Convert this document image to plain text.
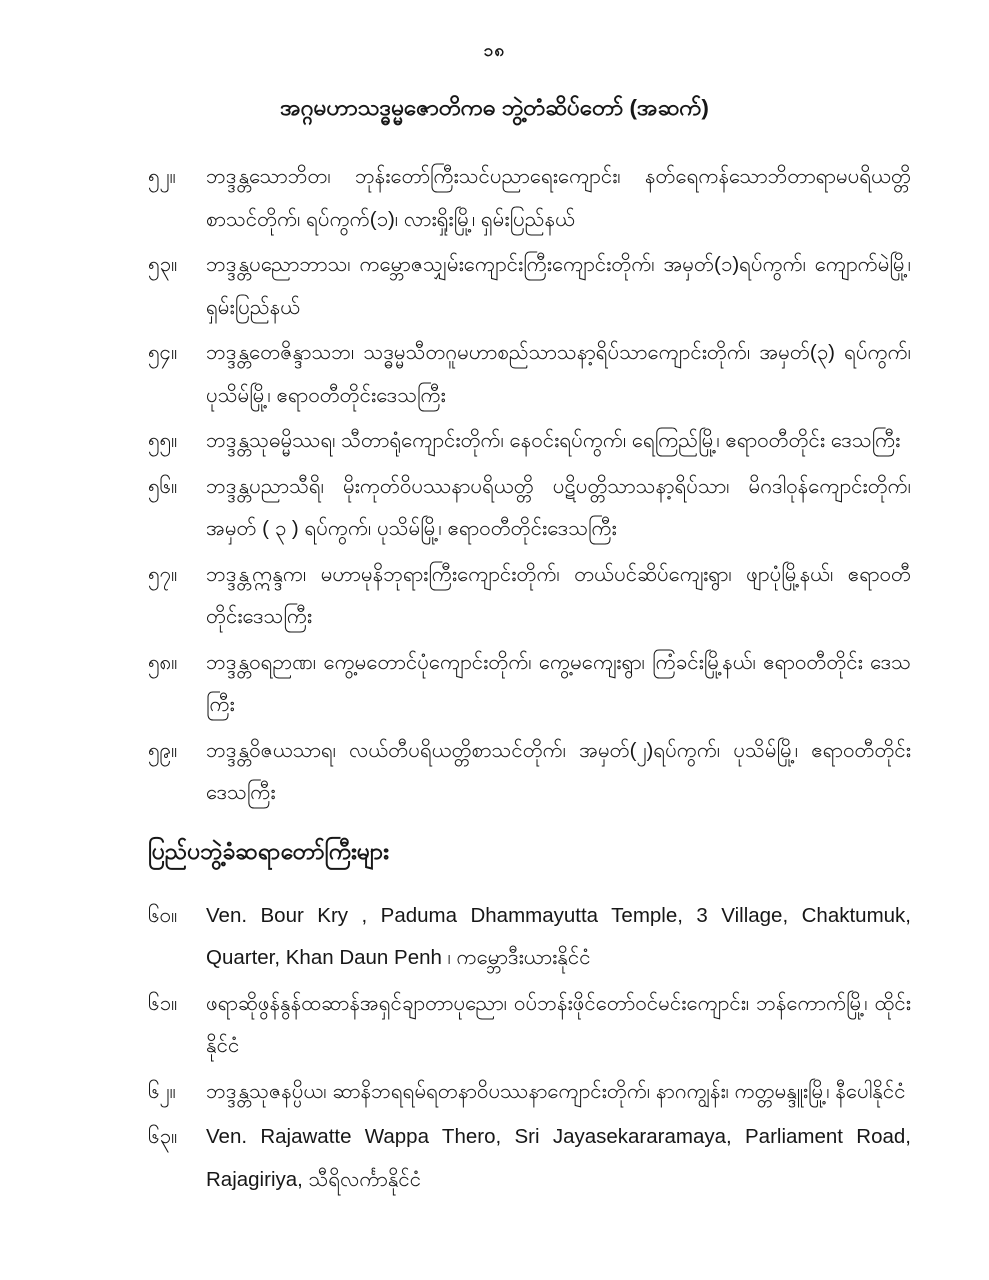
၁၈
အဂ္ဂမဟာသဒ္ဓမ္မဇောတိကဓ ဘွဲ့တံဆိပ်တော် (အဆက်)
၅၂။	ဘဒ္ဒန္တသောဘိတ၊ ဘုန်းတော်ကြီးသင်ပညာရေးကျောင်း၊ နတ်ရေကန်သောဘိတာရာမပရိယတ္တိ စာသင်တိုက်၊ ရပ်ကွက်(၁)၊ လားရှိုးမြို့၊ ရှမ်းပြည်နယ်
၅၃။	ဘဒ္ဒန္တပညောဘာသ၊ ကမ္ဘောဇသျှမ်းကျောင်းကြီးကျောင်းတိုက်၊ အမှတ်(၁)ရပ်ကွက်၊ ကျောက်မဲမြို့၊ ရှမ်းပြည်နယ်
၅၄။	ဘဒ္ဒန္တတေဇိန္ဒာသဘ၊ သဒ္ဓမ္မသီတဂူမဟာစည်သာသနာ့ရိပ်သာကျောင်းတိုက်၊ အမှတ်(၃) ရပ်ကွက်၊ ပုသိမ်မြို့၊ ဧရာဝတီတိုင်းဒေသကြီး
၅၅။	ဘဒ္ဒန္တသုဓမ္မိဿရ၊ သီတာရုံကျောင်းတိုက်၊ နေဝင်းရပ်ကွက်၊ ရေကြည်မြို့၊ ဧရာဝတီတိုင်း ဒေသကြီး
၅၆။	ဘဒ္ဒန္တပညာသီရိ၊ မိုးကုတ်ဝိပဿနာပရိယတ္တိ ပဋိပတ္တိသာသနာ့ရိပ်သာ၊ မိဂဒါဝုန်ကျောင်းတိုက်၊ အမှတ် ( ၃ ) ရပ်ကွက်၊ ပုသိမ်မြို့၊ ဧရာဝတီတိုင်းဒေသကြီး
၅၇။	ဘဒ္ဒန္တဣန္ဒက၊ မဟာမုနိဘုရားကြီးကျောင်းတိုက်၊ တယ်ပင်ဆိပ်ကျေးရွာ၊ ဖျာပုံမြို့နယ်၊ ဧရာဝတီ တိုင်းဒေသကြီး
၅၈။	ဘဒ္ဒန္တဝရဉာဏ၊ ကွေ့မတောင်ပုံကျောင်းတိုက်၊ ကွေ့မကျေးရွာ၊ ကြံခင်းမြို့နယ်၊ ဧရာဝတီတိုင်း ဒေသကြီး
၅၉။	ဘဒ္ဒန္တဝိဇယသာရ၊ လယ်တီပရိယတ္တိစာသင်တိုက်၊ အမှတ်(၂)ရပ်ကွက်၊ ပုသိမ်မြို့၊ ဧရာဝတီတိုင်း ဒေသကြီး
ပြည်ပဘွဲ့ခံဆရာတော်ကြီးများ
၆၀။	Ven. Bour Kry , Paduma Dhammayutta Temple, 3 Village, Chaktumuk, Quarter, Khan Daun Penh ၊ ကမ္ဘောဒီးယားနိုင်ငံ
၆၁။	ဖရာဆိုဖွန်နွန်ထဆာန်အရှင်ချာတာပုညော၊ ဝပ်ဘန်းဖိုင်တော်ဝင်မင်းကျောင်း၊ ဘန်ကောက်မြို့၊ ထိုင်းနိုင်ငံ
၆၂။	ဘဒ္ဒန္တသုဇနပ္ပိယ၊ ဆာနိဘရရမ်ရတနာဝိပဿနာကျောင်းတိုက်၊ နာဂကျွန်း၊ ကတ္တမန္ဒူးမြို့၊ နီပေါနိုင်ငံ
၆၃။	Ven. Rajawatte Wappa Thero, Sri Jayasekararamaya, Parliament Road, Rajagiriya, သီရိလင်္ကာနိုင်ငံ
